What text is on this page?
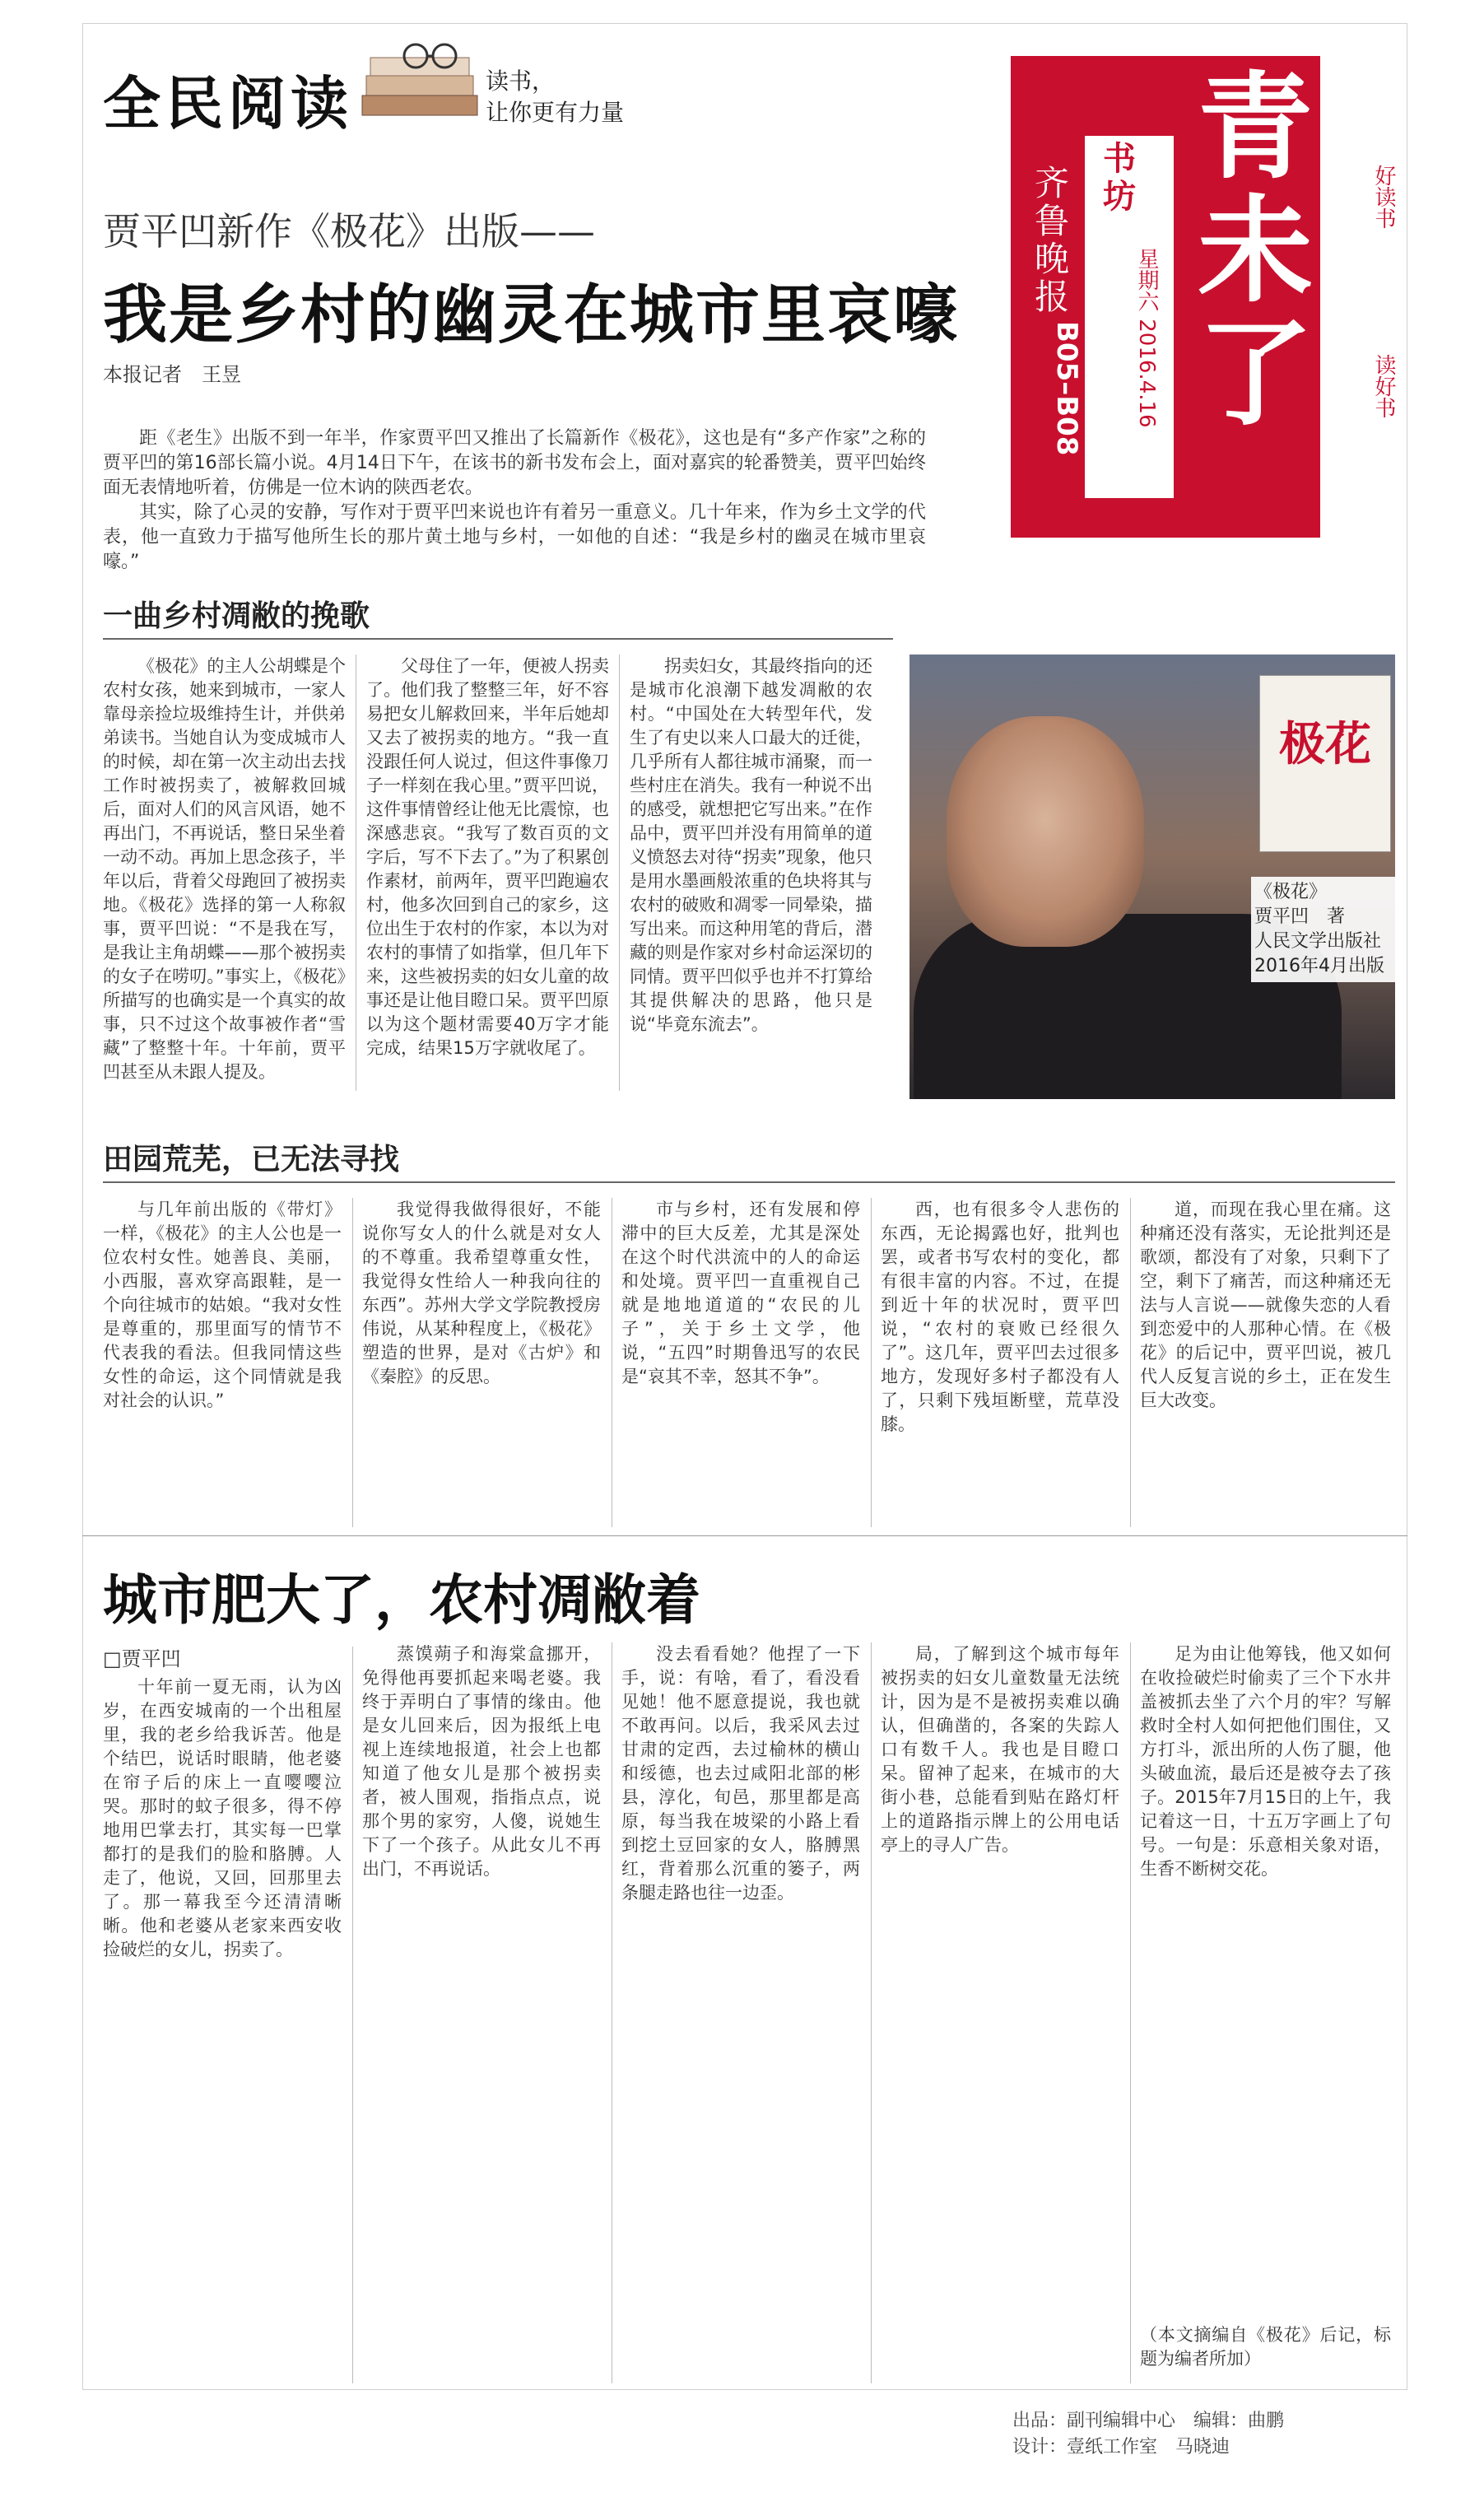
全民阅读	读书，
让你更有力量	青未了
齐鲁晚报
书坊
星期六 2016.4.16
B05–B08
好读书
读好书
贾平凹新作《极花》出版——
我是乡村的幽灵在城市里哀嚎
本报记者　王昱

距《老生》出版不到一年半，作家贾平凹又推出了长篇新作《极花》，这也是有“多产作家”之称的贾平凹的第16部长篇小说。4月14日下午，在该书的新书发布会上，面对嘉宾的轮番赞美，贾平凹始终面无表情地听着，仿佛是一位木讷的陕西老农。

其实，除了心灵的安静，写作对于贾平凹来说也许有着另一重意义。几十年来，作为乡土文学的代表，他一直致力于描写他所生长的那片黄土地与乡村，一如他的自述：“我是乡村的幽灵在城市里哀嚎。”

一曲乡村凋敝的挽歌

《极花》的主人公胡蝶是个农村女孩，她来到城市，一家人靠母亲捡垃圾维持生计，并供弟弟读书。当她自认为变成城市人的时候，却在第一次主动出去找工作时被拐卖了，被解救回城后，面对人们的风言风语，她不再出门，不再说话，整日呆坐着一动不动。再加上思念孩子，半年以后，背着父母跑回了被拐卖地。《极花》选择的第一人称叙事，贾平凹说：“不是我在写，是我让主角胡蝶——那个被拐卖的女子在唠叨。”事实上，《极花》所描写的也确实是一个真实的故事，只不过这个故事被作者“雪藏”了整整十年。十年前，贾平凹甚至从未跟人提及。

父母住了一年，便被人拐卖了。他们我了整整三年，好不容易把女儿解救回来，半年后她却又去了被拐卖的地方。“我一直没跟任何人说过，但这件事像刀子一样刻在我心里。”贾平凹说，这件事情曾经让他无比震惊，也深感悲哀。“我写了数百页的文字后，写不下去了。”为了积累创作素材，前两年，贾平凹跑遍农村，他多次回到自己的家乡，这位出生于农村的作家，本以为对农村的事情了如指掌，但几年下来，这些被拐卖的妇女儿童的故事还是让他目瞪口呆。贾平凹原以为这个题材需要40万字才能完成，结果15万字就收尾了。

拐卖妇女，其最终指向的还是城市化浪潮下越发凋敝的农村。“中国处在大转型年代，发生了有史以来人口最大的迁徙，几乎所有人都往城市涌聚，而一些村庄在消失。我有一种说不出的感受，就想把它写出来。”在作品中，贾平凹并没有用简单的道义愤怒去对待“拐卖”现象，他只是用水墨画般浓重的色块将其与农村的破败和凋零一同晕染，描写出来。而这种用笔的背后，潜藏的则是作家对乡村命运深切的同情。贾平凹似乎也并不打算给其提供解决的思路，他只是说“毕竟东流去”。

极花
《极花》
贾平凹　著
人民文学出版社
2016年4月出版
田园荒芜，已无法寻找

与几年前出版的《带灯》一样，《极花》的主人公也是一位农村女性。她善良、美丽，小西服，喜欢穿高跟鞋，是一个向往城市的姑娘。“我对女性是尊重的，那里面写的情节不代表我的看法。但我同情这些女性的命运，这个同情就是我对社会的认识。”

我觉得我做得很好，不能说你写女人的什么就是对女人的不尊重。我希望尊重女性，我觉得女性给人一种我向往的东西”。苏州大学文学院教授房伟说，从某种程度上，《极花》塑造的世界，是对《古炉》和《秦腔》的反思。

市与乡村，还有发展和停滞中的巨大反差，尤其是深处在这个时代洪流中的人的命运和处境。贾平凹一直重视自己就是地地道道的“农民的儿子”，关于乡土文学，他说，“五四”时期鲁迅写的农民是“哀其不幸，怒其不争”。

西，也有很多令人悲伤的东西，无论揭露也好，批判也罢，或者书写农村的变化，都有很丰富的内容。不过，在提到近十年的状况时，贾平凹说，“农村的衰败已经很久了”。这几年，贾平凹去过很多地方，发现好多村子都没有人了，只剩下残垣断壁，荒草没膝。

道，而现在我心里在痛。这种痛还没有落实，无论批判还是歌颂，都没有了对象，只剩下了空，剩下了痛苦，而这种痛还无法与人言说——就像失恋的人看到恋爱中的人那种心情。在《极花》的后记中，贾平凹说，被几代人反复言说的乡土，正在发生巨大改变。

城市肥大了，农村凋敝着
□贾平凹

十年前一夏无雨，认为凶岁，在西安城南的一个出租屋里，我的老乡给我诉苦。他是个结巴，说话时眼睛，他老婆在帘子后的床上一直嘤嘤泣哭。那时的蚊子很多，得不停地用巴掌去打，其实每一巴掌都打的是我们的脸和胳膊。人走了，他说，又回，回那里去了。那一幕我至今还清清晰晰。他和老婆从老家来西安收捡破烂的女儿，拐卖了。

蒸馍蒴子和海棠盒挪开，免得他再要抓起来喝老婆。我终于弄明白了事情的缘由。他是女儿回来后，因为报纸上电视上连续地报道，社会上也都知道了他女儿是那个被拐卖者，被人围观，指指点点，说那个男的家穷，人傻，说她生下了一个孩子。从此女儿不再出门，不再说话。

没去看看她？他捏了一下手，说：有啥，看了，看没看见她！他不愿意提说，我也就不敢再问。以后，我采风去过甘肃的定西，去过榆林的横山和绥德，也去过咸阳北部的彬县，淳化，旬邑，那里都是高原，每当我在坡梁的小路上看到挖土豆回家的女人，胳膊黑红，背着那么沉重的篓子，两条腿走路也往一边歪。

局，了解到这个城市每年被拐卖的妇女儿童数量无法统计，因为是不是被拐卖难以确认，但确凿的，各案的失踪人口有数千人。我也是目瞪口呆。留神了起来，在城市的大街小巷，总能看到贴在路灯杆上的道路指示牌上的公用电话亭上的寻人广告。

足为由让他筹钱，他又如何在收捡破烂时偷卖了三个下水井盖被抓去坐了六个月的牢？写解救时全村人如何把他们围住，又方打斗，派出所的人伤了腿，他头破血流，最后还是被夺去了孩子。2015年7月15日的上午，我记着这一日，十五万字画上了句号。一句是：乐意相关象对语，生香不断树交花。

（本文摘编自《极花》后记，标题为编者所加）
出品：副刊编辑中心　编辑：曲鹏
设计：壹纸工作室　马晓迪
